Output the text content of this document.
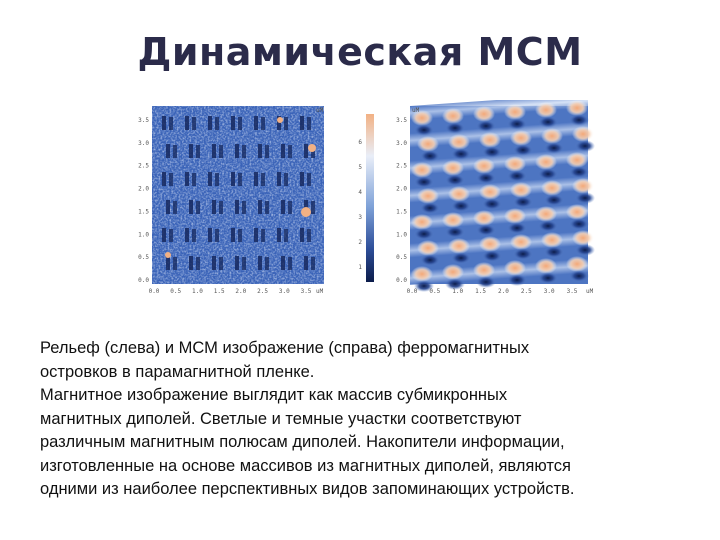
Динамическая МСМ
3.5
3.0
2.5
2.0
1.5
1.0
0.5
0.0
0.0 0.5 1.0 1.5 2.0 2.5 3.0 3.5
uM
uM
6
5
4
3
2
1
3.5
3.0
2.5
2.0
1.5
1.0
0.5
0.0
0.0 0.5 1.0 1.5 2.0 2.5 3.0 3.5
uM
uM
Рельеф (слева) и МСМ изображение (справа) ферромагнитных
островков в парамагнитной пленке.
Магнитное изображение выглядит как массив субмикронных
магнитных диполей. Светлые и темные участки соответствуют
различным магнитным полюсам диполей. Накопители информации,
изготовленные на основе массивов из магнитных диполей, являются
одними из наиболее перспективных видов запоминающих устройств.
